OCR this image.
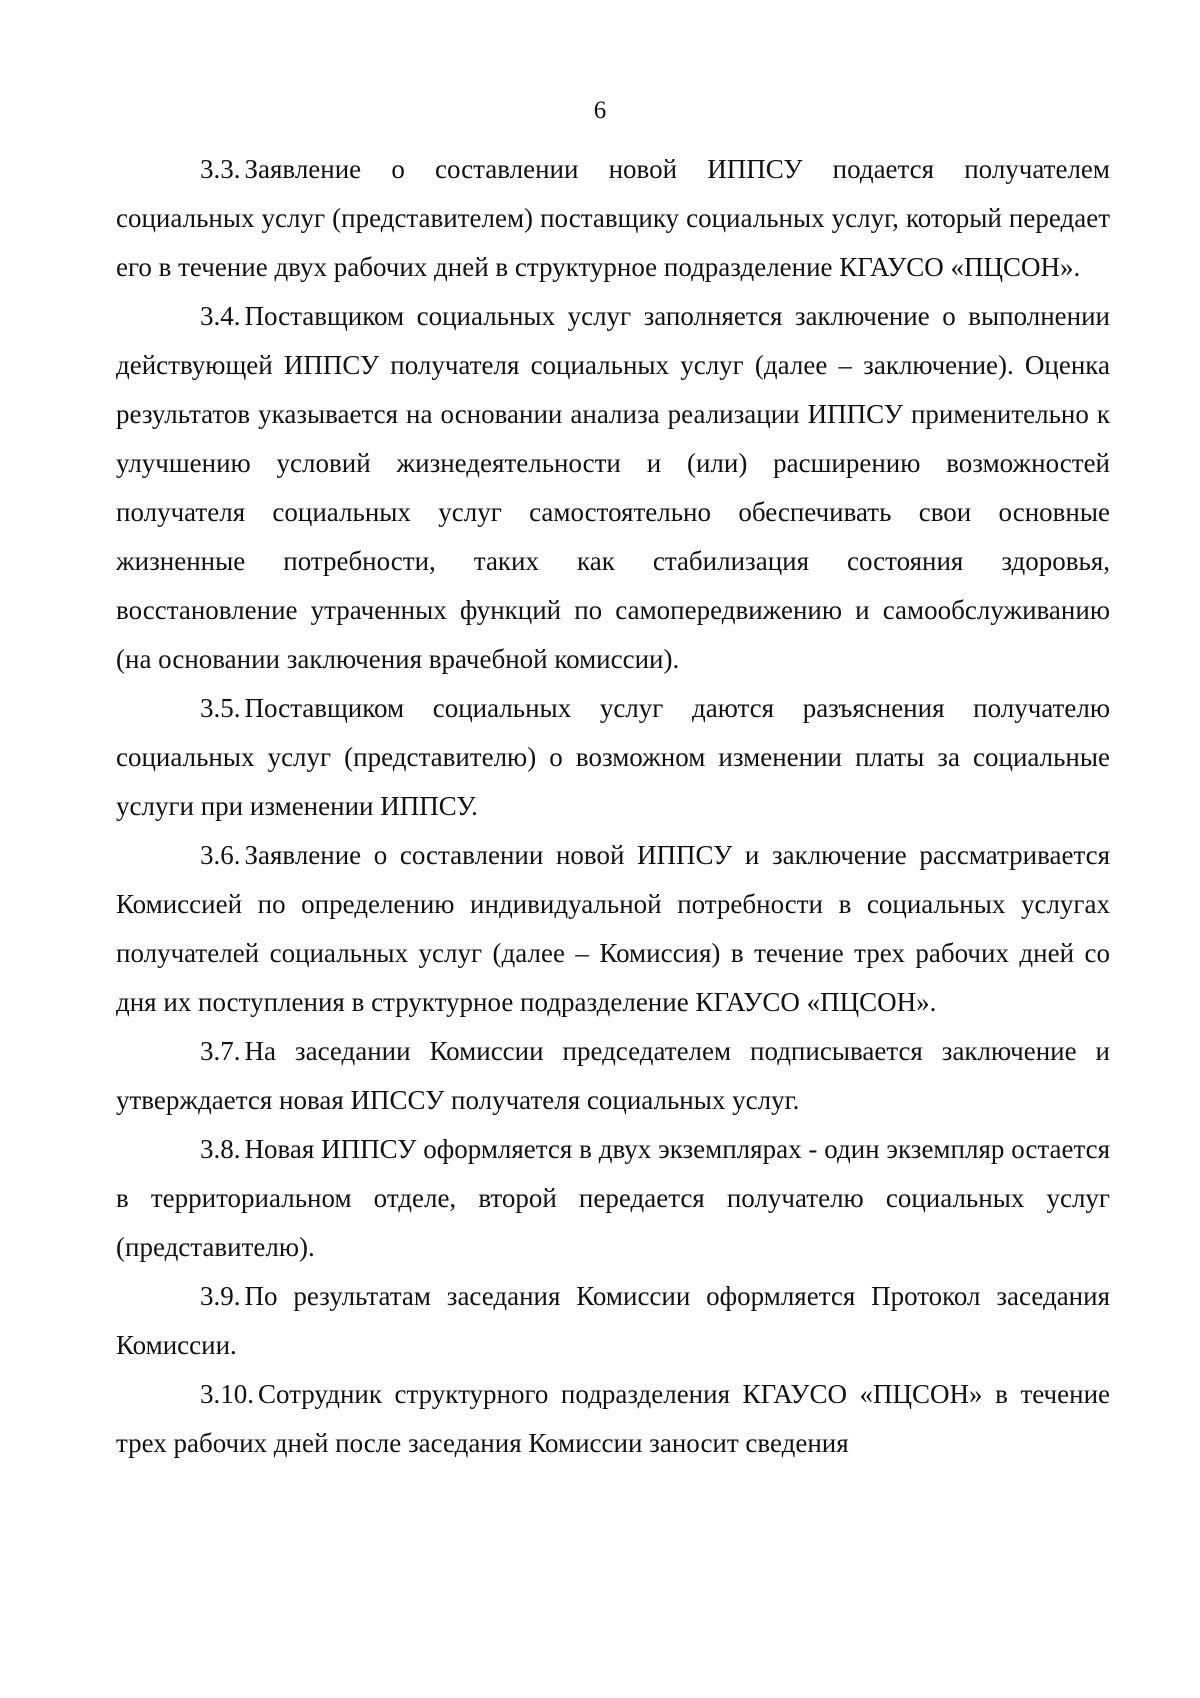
6

3.3. Заявление о составлении новой ИППСУ подается получателем социальных услуг (представителем) поставщику социальных услуг, который передает его в течение двух рабочих дней в структурное подразделение КГАУСО «ПЦСОН».

3.4. Поставщиком социальных услуг заполняется заключение о выполнении действующей ИППСУ получателя социальных услуг (далее – заключение). Оценка результатов указывается на основании анализа реализации ИППСУ применительно к улучшению условий жизнедеятельности и (или) расширению возможностей получателя социальных услуг самостоятельно обеспечивать свои основные жизненные потребности, таких как стабилизация состояния здоровья, восстановление утраченных функций по самопередвижению и самообслуживанию (на основании заключения врачебной комиссии).

3.5. Поставщиком социальных услуг даются разъяснения получателю социальных услуг (представителю) о возможном изменении платы за социальные услуги при изменении ИППСУ.

3.6. Заявление о составлении новой ИППСУ и заключение рассматривается Комиссией по определению индивидуальной потребности в социальных услугах получателей социальных услуг (далее – Комиссия) в течение трех рабочих дней со дня их поступления в структурное подразделение КГАУСО «ПЦСОН».

3.7. На заседании Комиссии председателем подписывается заключение и утверждается новая ИПССУ получателя социальных услуг.

3.8. Новая ИППСУ оформляется в двух экземплярах - один экземпляр остается в территориальном отделе, второй передается получателю социальных услуг (представителю).

3.9. По результатам заседания Комиссии оформляется Протокол заседания Комиссии.

3.10. Сотрудник структурного подразделения КГАУСО «ПЦСОН» в течение трех рабочих дней после заседания Комиссии заносит сведения
